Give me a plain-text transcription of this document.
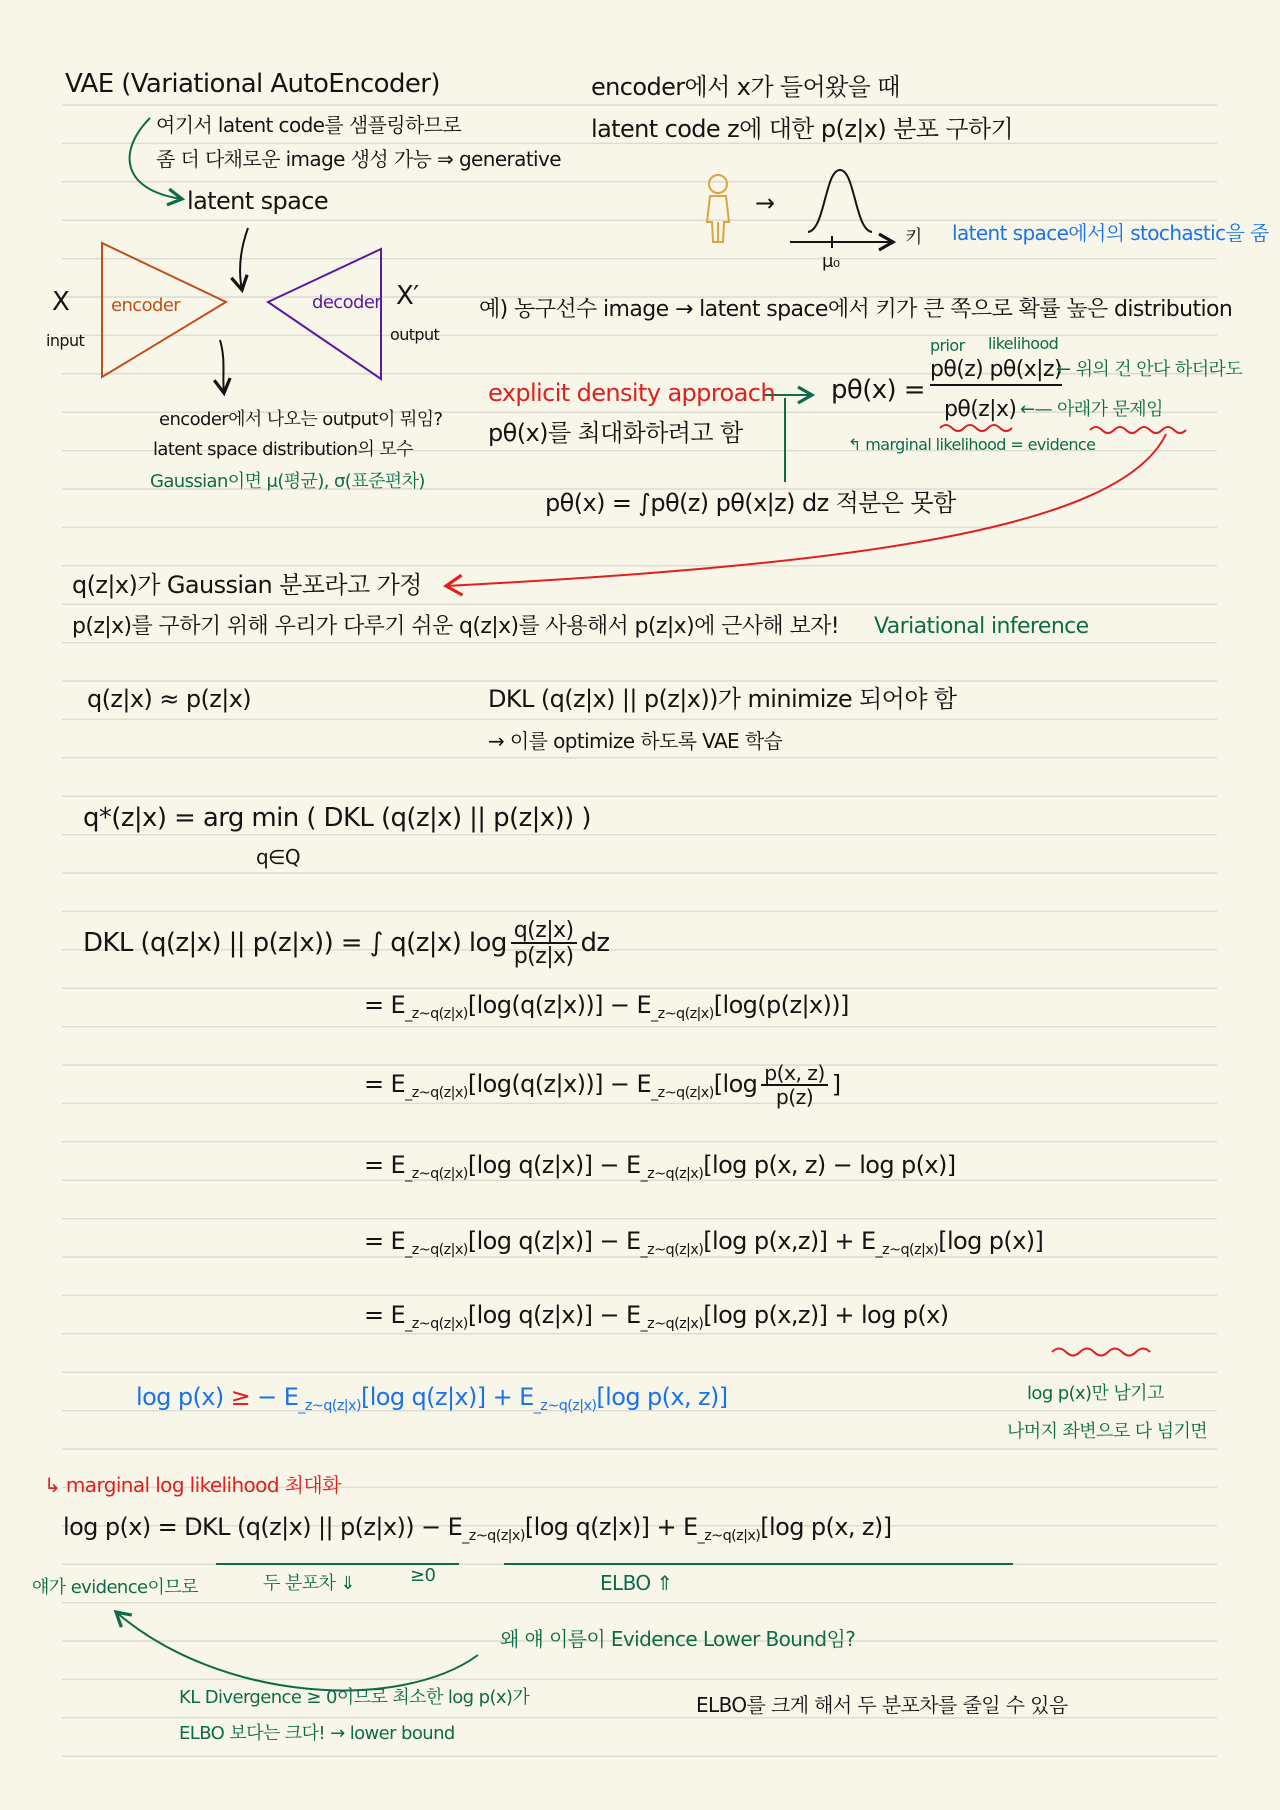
VAE (Variational AutoEncoder)
여기서 latent code를 샘플링하므로
좀 더 다채로운 image 생성 가능 ⇒ generative
latent space
X
input
encoder	decoder X′
output
encoder에서 나오는 output이 뭐임?
latent space distribution의 모수
Gaussian이면 μ(평균), σ(표준편차)
encoder에서 x가 들어왔을 때
latent code z에 대한 p(z|x) 분포 구하기
→
키
μ₀
latent space에서의 stochastic을 줌
예) 농구선수 image → latent space에서 키가 큰 쪽으로 확률 높은 distribution
explicit density approach
pθ(x)를 최대화하려고 함
pθ(x) =
prior likelihood
pθ(z) pθ(x|z)
pθ(z|x)
← 위의 건 안다 하더라도
←— 아래가 문제임
↰ marginal likelihood = evidence
pθ(x) = ∫pθ(z) pθ(x|z) dz 적분은 못함
q(z|x)가 Gaussian 분포라고 가정
p(z|x)를 구하기 위해 우리가 다루기 쉬운 q(z|x)를 사용해서 p(z|x)에 근사해 보자! Variational inference
q(z|x) ≈ p(z|x)	DKL (q(z|x) || p(z|x))가 minimize 되어야 함
→ 이를 optimize 하도록 VAE 학습
q*(z|x) = arg min ( DKL (q(z|x) || p(z|x)) )
q∈Q
DKL (q(z|x) || p(z|x)) = ∫ q(z|x) $\log \frac{q(z|x)}{p(z|x)}$ dz
= $E_{\_z\sim q(z|x)}[\log(q(z|x))] - E_{\_z\sim q(z|x)}[\log(p(z|x))]$
= $E_{\_z\sim q(z|x)}[\log(q(z|x))] - E_{\_z\sim q(z|x)}[\log \frac{p(x, z)}{p(z)}$ ]
= $E_{\_z\sim q(z|x)}[\log$ $q(z|x)] - E_{\_z\sim q(z|x)}[\log$ p(x, z) − log p(x)]
= $E_{\_z\sim q(z|x)}[\log$ $q(z|x)] - E_{\_z\sim q(z|x)}[\log$ $p(x,z)] + E_{\_z\sim q(z|x)}[\log$ p(x)]
= $E_{\_z\sim q(z|x)}[\log$ $q(z|x)] - E_{\_z\sim q(z|x)}[\log$ p(x,z)] + log p(x)
log p(x) ≥ − $E_{\_z\sim q(z|x)}[\log$ $q(z|x)] + E_{\_z\sim q(z|x)}[\log$ p(x, z)]	log p(x)만 남기고
나머지 좌변으로 다 넘기면
↳ marginal log likelihood 최대화
log p(x) = DKL (q(z|x) || $p(z|x)) - E_{\_z\sim q(z|x)}[\log$ $q(z|x)] + E_{\_z\sim q(z|x)}[\log$ p(x, z)]
얘가 evidence이므로	두 분포차 ⇓	≥0	ELBO ⇑
왜 얘 이름이 Evidence Lower Bound임?
KL Divergence ≥ 0이므로 최소한 log p(x)가
ELBO 보다는 크다! → lower bound
ELBO를 크게 해서 두 분포차를 줄일 수 있음
